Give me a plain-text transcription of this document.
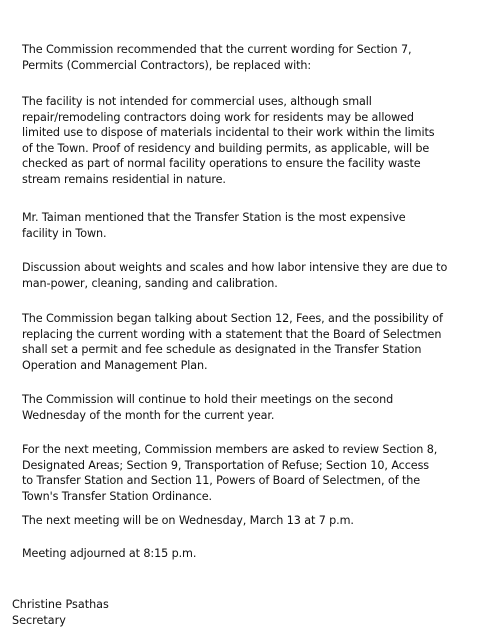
The Commission recommended that the current wording for Section 7,
Permits (Commercial Contractors), be replaced with:

The facility is not intended for commercial uses, although small
repair/remodeling contractors doing work for residents may be allowed
limited use to dispose of materials incidental to their work within the limits
of the Town. Proof of residency and building permits, as applicable, will be
checked as part of normal facility operations to ensure the facility waste
stream remains residential in nature.

Mr. Taiman mentioned that the Transfer Station is the most expensive
facility in Town.

Discussion about weights and scales and how labor intensive they are due to
man-power, cleaning, sanding and calibration.

The Commission began talking about Section 12, Fees, and the possibility of
replacing the current wording with a statement that the Board of Selectmen
shall set a permit and fee schedule as designated in the Transfer Station
Operation and Management Plan.

The Commission will continue to hold their meetings on the second
Wednesday of the month for the current year.

For the next meeting, Commission members are asked to review Section 8,
Designated Areas; Section 9, Transportation of Refuse; Section 10, Access
to Transfer Station and Section 11, Powers of Board of Selectmen, of the
Town's Transfer Station Ordinance.

The next meeting will be on Wednesday, March 13 at 7 p.m.

Meeting adjourned at 8:15 p.m.

Christine Psathas
Secretary
